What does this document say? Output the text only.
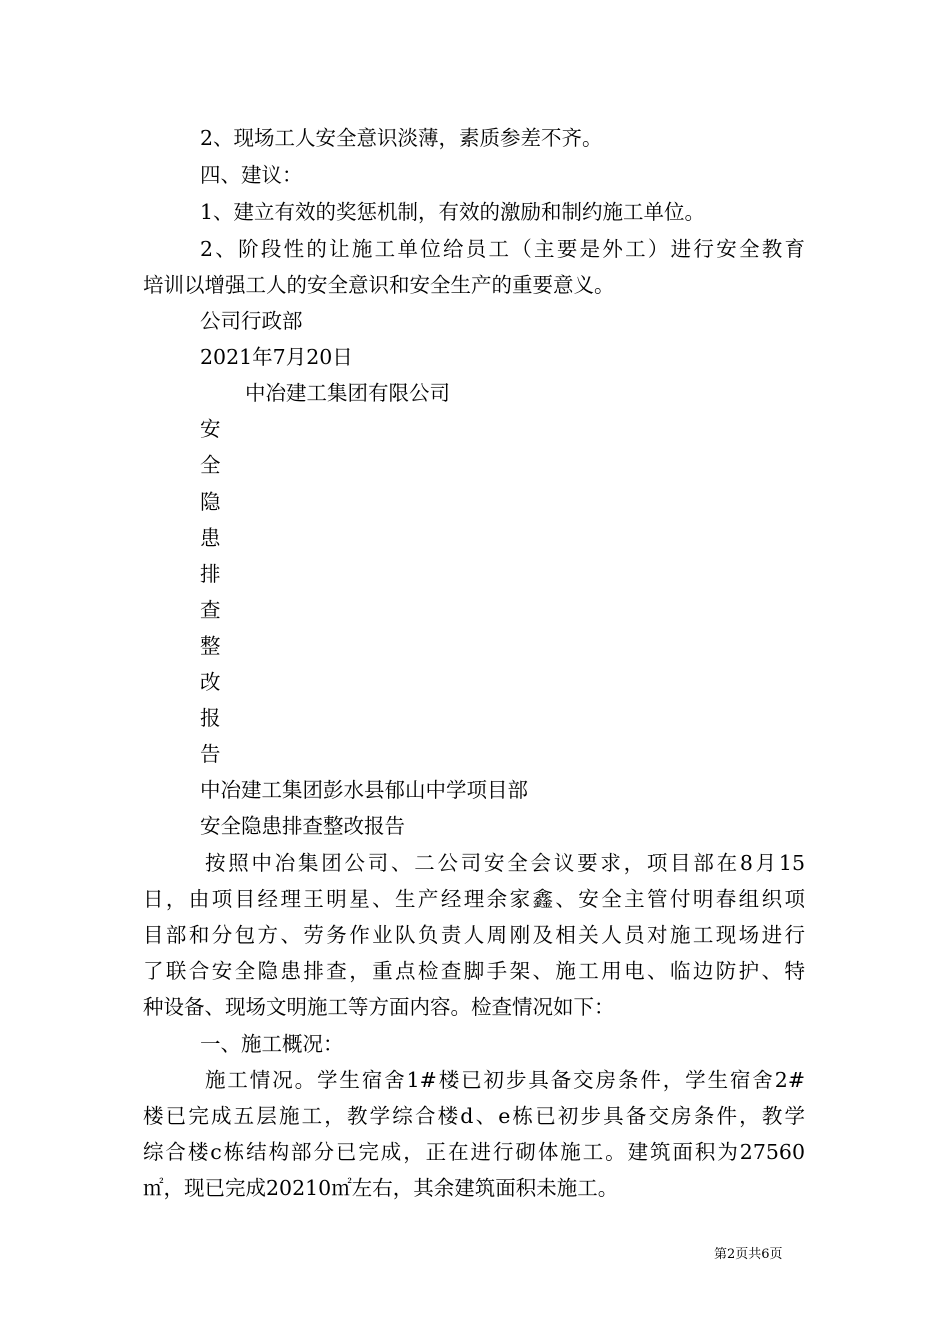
2、现场工人安全意识淡薄，素质参差不齐。

四、建议：

1、建立有效的奖惩机制，有效的激励和制约施工单位。

2、阶段性的让施工单位给员工（主要是外工）进行安全教育

培训以增强工人的安全意识和安全生产的重要意义。

公司行政部

2021年7月20日

中冶建工集团有限公司

安

全

隐

患

排

查

整

改

报

告

中冶建工集团彭水县郁山中学项目部

安全隐患排查整改报告

按照中冶集团公司、二公司安全会议要求，项目部在8月15

日，由项目经理王明星、生产经理余家鑫、安全主管付明春组织项

目部和分包方、劳务作业队负责人周刚及相关人员对施工现场进行

了联合安全隐患排查，重点检查脚手架、施工用电、临边防护、特

种设备、现场文明施工等方面内容。检查情况如下：

一、施工概况：

施工情况。学生宿舍1#楼已初步具备交房条件，学生宿舍2#

楼已完成五层施工，教学综合楼d、e栋已初步具备交房条件，教学

综合楼c栋结构部分已完成，正在进行砌体施工。建筑面积为27560

㎡，现已完成20210㎡左右，其余建筑面积未施工。

第2页共6页
